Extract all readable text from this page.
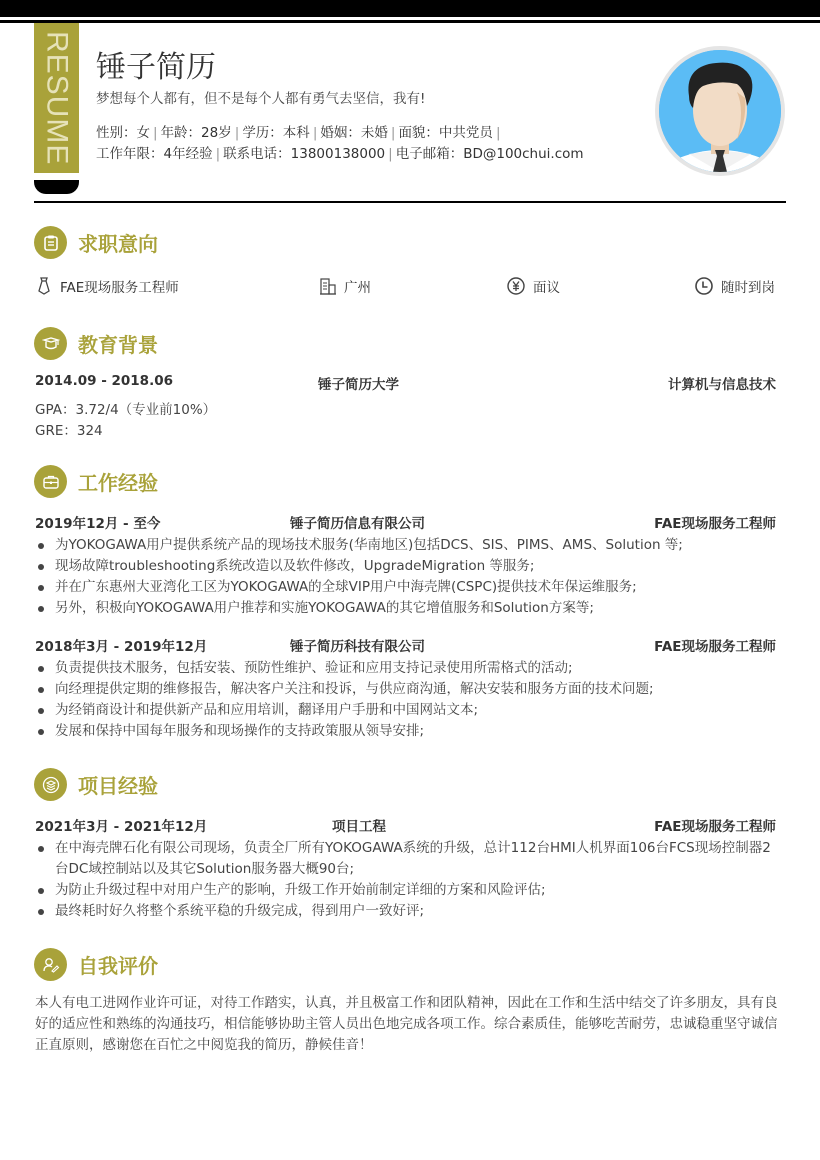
RESUME 锤子简历
梦想每个人都有，但不是每个人都有勇气去坚信，我有!
性别：女 | 年龄：28岁 | 学历：本科 | 婚姻：未婚 | 面貌：中共党员 |
工作年限：4年经验 | 联系电话：13800138000 | 电子邮箱：BD@100chui.com
求职意向
FAE现场服务工程师	广州	面议	随时到岗
教育背景
2014.09 - 2018.06	锤子简历大学	计算机与信息技术
GPA：3.72/4（专业前10%）
GRE：324
工作经验
2019年12月 - 至今	锤子简历信息有限公司	FAE现场服务工程师
为YOKOGAWA用户提供系统产品的现场技术服务(华南地区)包括DCS、SIS、PIMS、AMS、Solution 等;
现场故障troubleshooting系统改造以及软件修改，UpgradeMigration 等服务;
并在广东惠州大亚湾化工区为YOKOGAWA的全球VIP用户中海壳牌(CSPC)提供技术年保运维服务;
另外，积极向YOKOGAWA用户推荐和实施YOKOGAWA的其它增值服务和Solution方案等;
2018年3月 - 2019年12月	锤子简历科技有限公司	FAE现场服务工程师
负责提供技术服务，包括安装、预防性维护、验证和应用支持记录使用所需格式的活动;
向经理提供定期的维修报告，解决客户关注和投诉，与供应商沟通，解决安装和服务方面的技术问题;
为经销商设计和提供新产品和应用培训，翻译用户手册和中国网站文本;
发展和保持中国每年服务和现场操作的支持政策服从领导安排;
项目经验
2021年3月 - 2021年12月	项目工程	FAE现场服务工程师
在中海壳牌石化有限公司现场，负责全厂所有YOKOGAWA系统的升级，总计112台HMI人机界面106台FCS现场控制器2台DC域控制站以及其它Solution服务器大概90台;
为防止升级过程中对用户生产的影响，升级工作开始前制定详细的方案和风险评估;
最终耗时好久将整个系统平稳的升级完成，得到用户一致好评;
自我评价
本人有电工进网作业许可证，对待工作踏实，认真，并且极富工作和团队精神，因此在工作和生活中结交了许多朋友，具有良好的适应性和熟练的沟通技巧，相信能够协助主管人员出色地完成各项工作。综合素质佳，能够吃苦耐劳，忠诚稳重坚守诚信正直原则，感谢您在百忙之中阅览我的简历，静候佳音！
